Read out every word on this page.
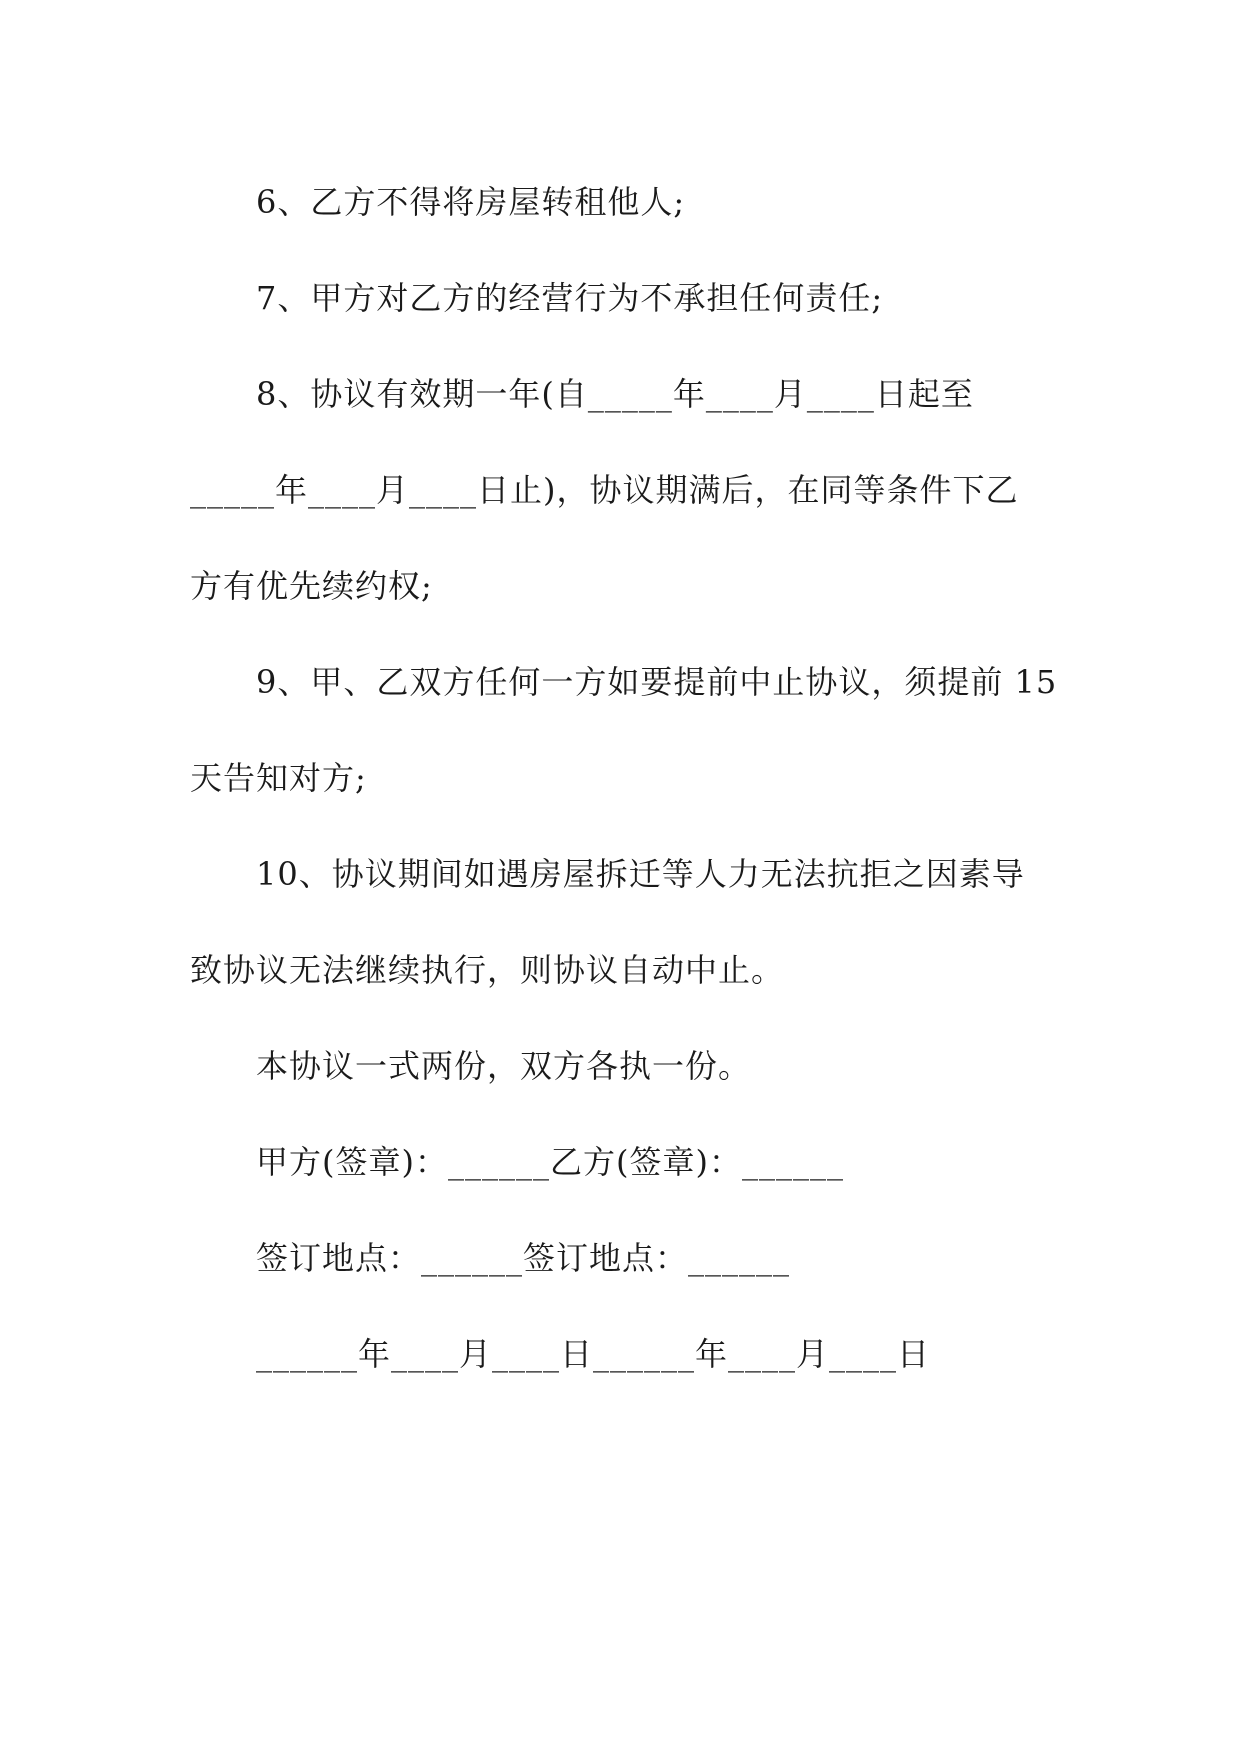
6、乙方不得将房屋转租他人;
7、甲方对乙方的经营行为不承担任何责任;
8、协议有效期一年(自_____年____月____日起至
_____年____月____日止)，协议期满后，在同等条件下乙
方有优先续约权;
9、甲、乙双方任何一方如要提前中止协议，须提前 15
天告知对方;
10、协议期间如遇房屋拆迁等人力无法抗拒之因素导
致协议无法继续执行，则协议自动中止。
本协议一式两份，双方各执一份。
甲方(签章)：______乙方(签章)：______
签订地点：______签订地点：______
______年____月____日______年____月____日
